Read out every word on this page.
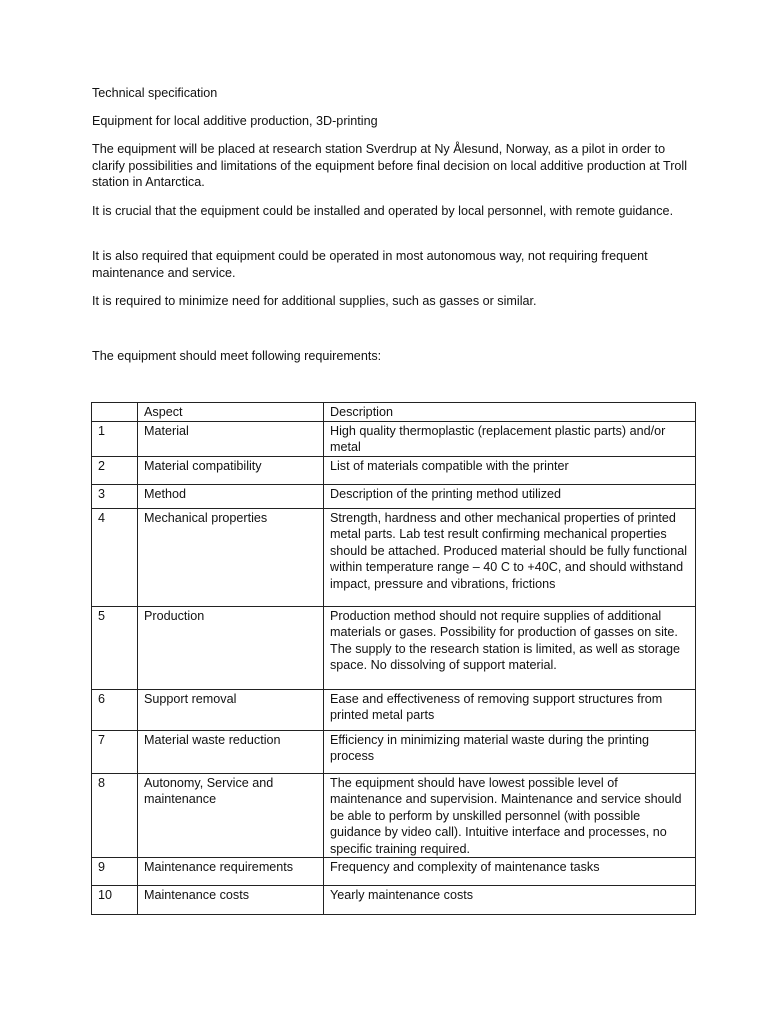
Technical specification

Equipment for local additive production, 3D-printing

The equipment will be placed at research station Sverdrup at Ny Ålesund, Norway, as a pilot in order to clarify possibilities and limitations of the equipment before final decision on local additive production at Troll station in Antarctica.

It is crucial that the equipment could be installed and operated by local personnel, with remote guidance.

It is also required that equipment could be operated in most autonomous way, not requiring frequent maintenance and service.

It is required to minimize need for additional supplies, such as gasses or similar.

The equipment should meet following requirements:

	Aspect	Description
1	Material	High quality thermoplastic (replacement plastic parts) and/or metal
2	Material compatibility	List of materials compatible with the printer
3	Method	Description of the printing method utilized
4	Mechanical properties	Strength, hardness and other mechanical properties of printed metal parts. Lab test result confirming mechanical properties should be attached. Produced material should be fully functional within temperature range – 40 C to +40C, and should withstand impact, pressure and vibrations, frictions
5	Production	Production method should not require supplies of additional materials or gases. Possibility for production of gasses on site. The supply to the research station is limited, as well as storage space. No dissolving of support material.
6	Support removal	Ease and effectiveness of removing support structures from printed metal parts
7	Material waste reduction	Efficiency in minimizing material waste during the printing process
8	Autonomy, Service and maintenance	The equipment should have lowest possible level of maintenance and supervision. Maintenance and service should be able to perform by unskilled personnel (with possible guidance by video call). Intuitive interface and processes, no specific training required.
9	Maintenance requirements	Frequency and complexity of maintenance tasks
10	Maintenance costs	Yearly maintenance costs
